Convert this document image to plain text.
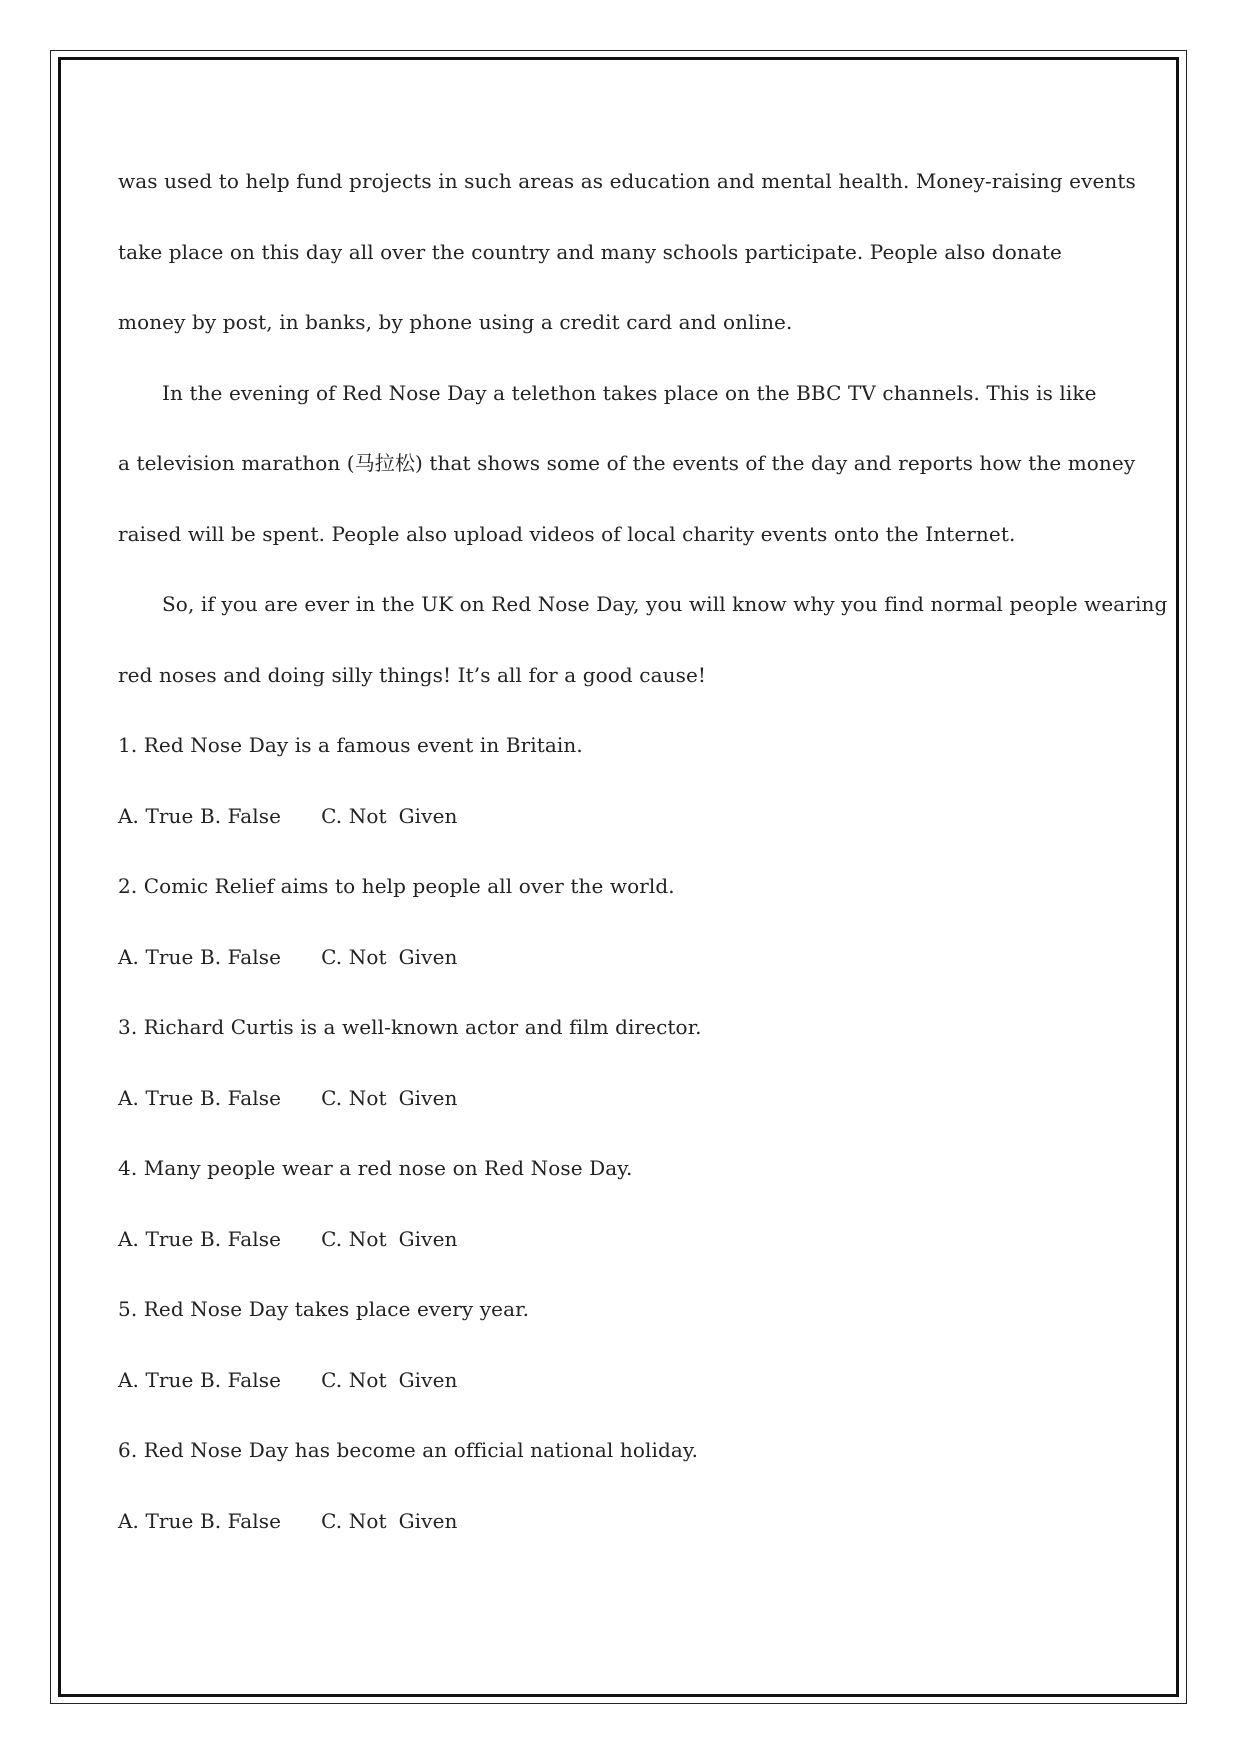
was used to help fund projects in such areas as education and mental health. Money-raising events
take place on this day all over the country and many schools participate. People also donate
money by post, in banks, by phone using a credit card and online.
In the evening of Red Nose Day a telethon takes place on the BBC TV channels. This is like
a television marathon (马拉松) that shows some of the events of the day and reports how the money
raised will be spent. People also upload videos of local charity events onto the Internet.
So, if you are ever in the UK on Red Nose Day, you will know why you find normal people wearing
red noses and doing silly things! It’s all for a good cause!
1. Red Nose Day is a famous event in Britain.
A. True B. False C. Not Given
2. Comic Relief aims to help people all over the world.
A. True B. False C. Not Given
3. Richard Curtis is a well-known actor and film director.
A. True B. False C. Not Given
4. Many people wear a red nose on Red Nose Day.
A. True B. False C. Not Given
5. Red Nose Day takes place every year.
A. True B. False C. Not Given
6. Red Nose Day has become an official national holiday.
A. True B. False C. Not Given
